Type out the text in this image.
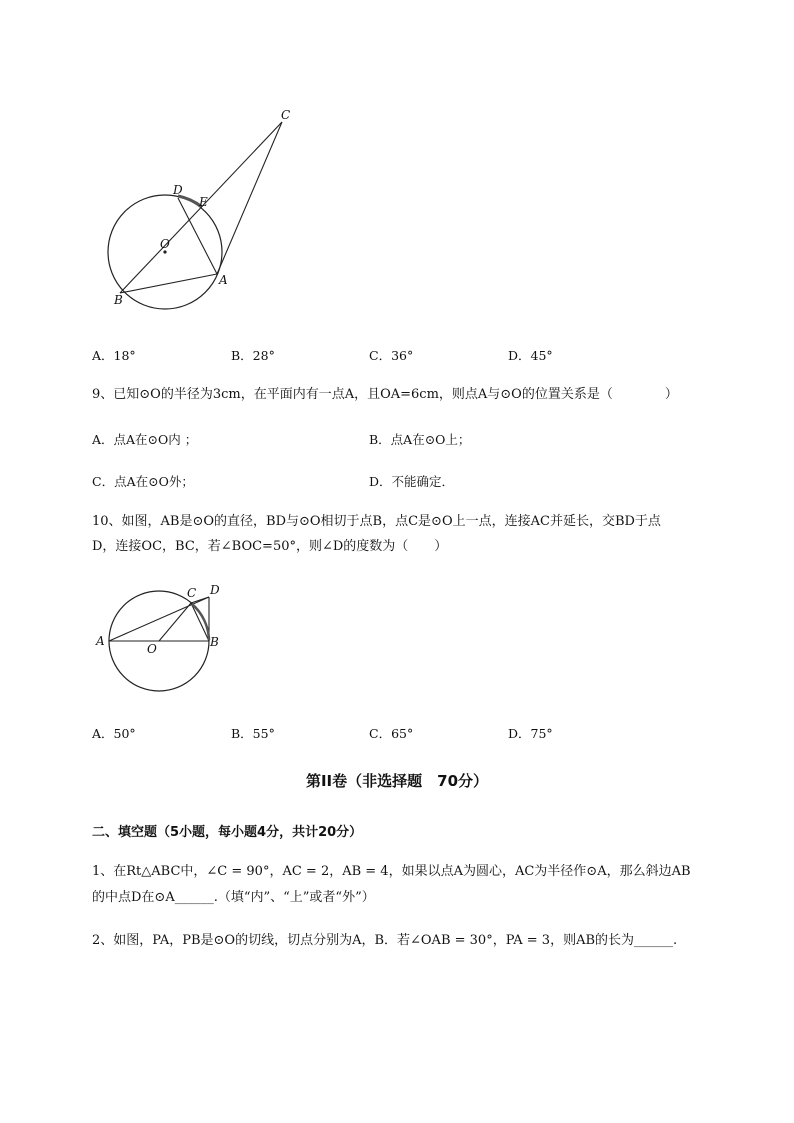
C
D
E
O
A
B
A．18°	B．28°	C．36°	D．45°
9、已知⊙O的半径为3cm，在平面内有一点A，且OA=6cm，则点A与⊙O的位置关系是（　　　　）
A．点A在⊙O内 ；	B．点A在⊙O上；
C．点A在⊙O外；	D．不能确定．
10、如图，AB是⊙O的直径，BD与⊙O相切于点B，点C是⊙O上一点，连接AC并延长，交BD于点
D，连接OC，BC，若∠BOC=50°，则∠D的度数为（　　）
A
O	B
C D
A．50°	B．55°	C．65°	D．75°
第II卷（非选择题　70分）
二、填空题（5小题，每小题4分，共计20分）
1、在Rt△ABC中，∠C = 90°，AC = 2，AB = 4，如果以点A为圆心，AC为半径作⊙A，那么斜边AB
的中点D在⊙A______.（填“内”、“上”或者“外”）
2、如图，PA，PB是⊙O的切线，切点分别为A，B．若∠OAB = 30°，PA = 3，则AB的长为______.
